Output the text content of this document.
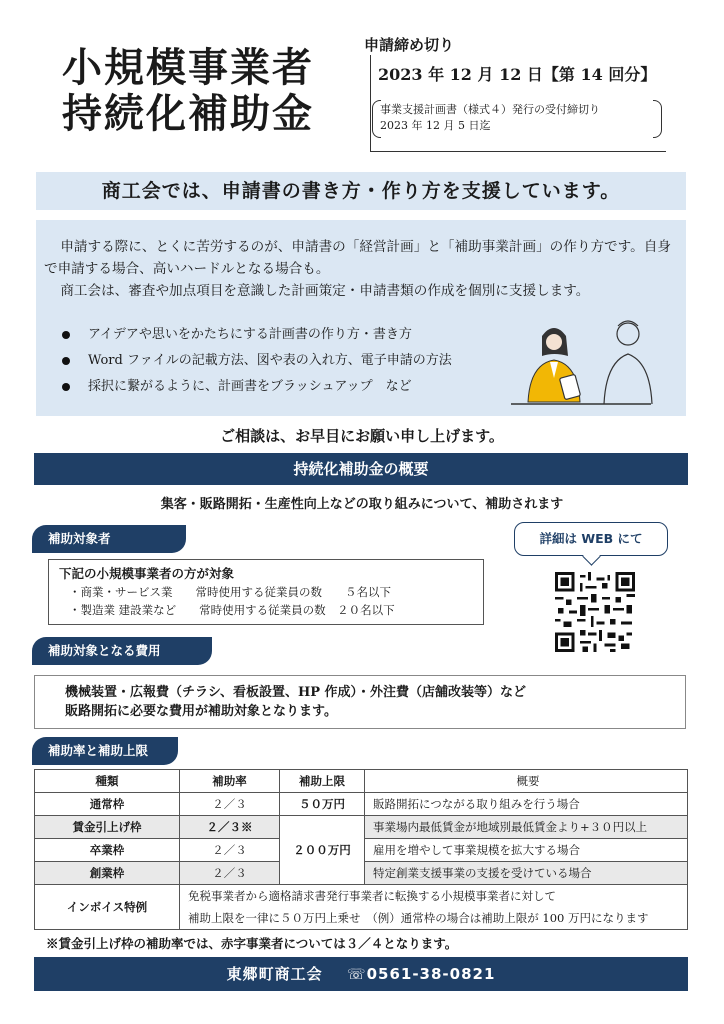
小規模事業者
持続化補助金
申請締め切り
2023 年 12 月 12 日【第 14 回分】
事業支援計画書（様式４）発行の受付締切り
2023 年 12 月 5 日迄
商工会では、申請書の書き方・作り方を支援しています。

申請する際に、とくに苦労するのが、申請書の「経営計画」と「補助事業計画」の作り方です。自身で申請する場合、高いハードルとなる場合も。

商工会は、審査や加点項目を意識した計画策定・申請書類の作成を個別に支援します。

アイデアや思いをかたちにする計画書の作り方・書き方
Word ファイルの記載方法、図や表の入れ方、電子申請の方法
採択に繋がるように、計画書をブラッシュアップ　など
ご相談は、お早目にお願い申し上げます。
持続化補助金の概要
集客・販路開拓・生産性向上などの取り組みについて、補助されます
補助対象者
下記の小規模事業者の方が対象
・商業・サービス業　　常時使用する従業員の数　　５名以下
・製造業 建設業など　　常時使用する従業員の数　２０名以下
詳細は WEB にて
補助対象となる費用
機械装置・広報費（チラシ、看板設置、HP 作成）・外注費（店舗改装等）など
販路開拓に必要な費用が補助対象となります。
補助率と補助上限
種類	補助率	補助上限	概要
通常枠	２／３	５０万円	販路開拓につながる取り組みを行う場合
賃金引上げ枠	２／３※	２００万円	事業場内最低賃金が地域別最低賃金より+３０円以上
卒業枠	２／３		雇用を増やして事業規模を拡大する場合
創業枠	２／３		特定創業支援事業の支援を受けている場合
インボイス特例	免税事業者から適格請求書発行事業者に転換する小規模事業者に対して
補助上限を一律に５０万円上乗せ　（例）通常枠の場合は補助上限が 100 万円になります		
※賃金引上げ枠の補助率では、赤字事業者については３／４となります。
東郷町商工会 ☏0561-38-0821
